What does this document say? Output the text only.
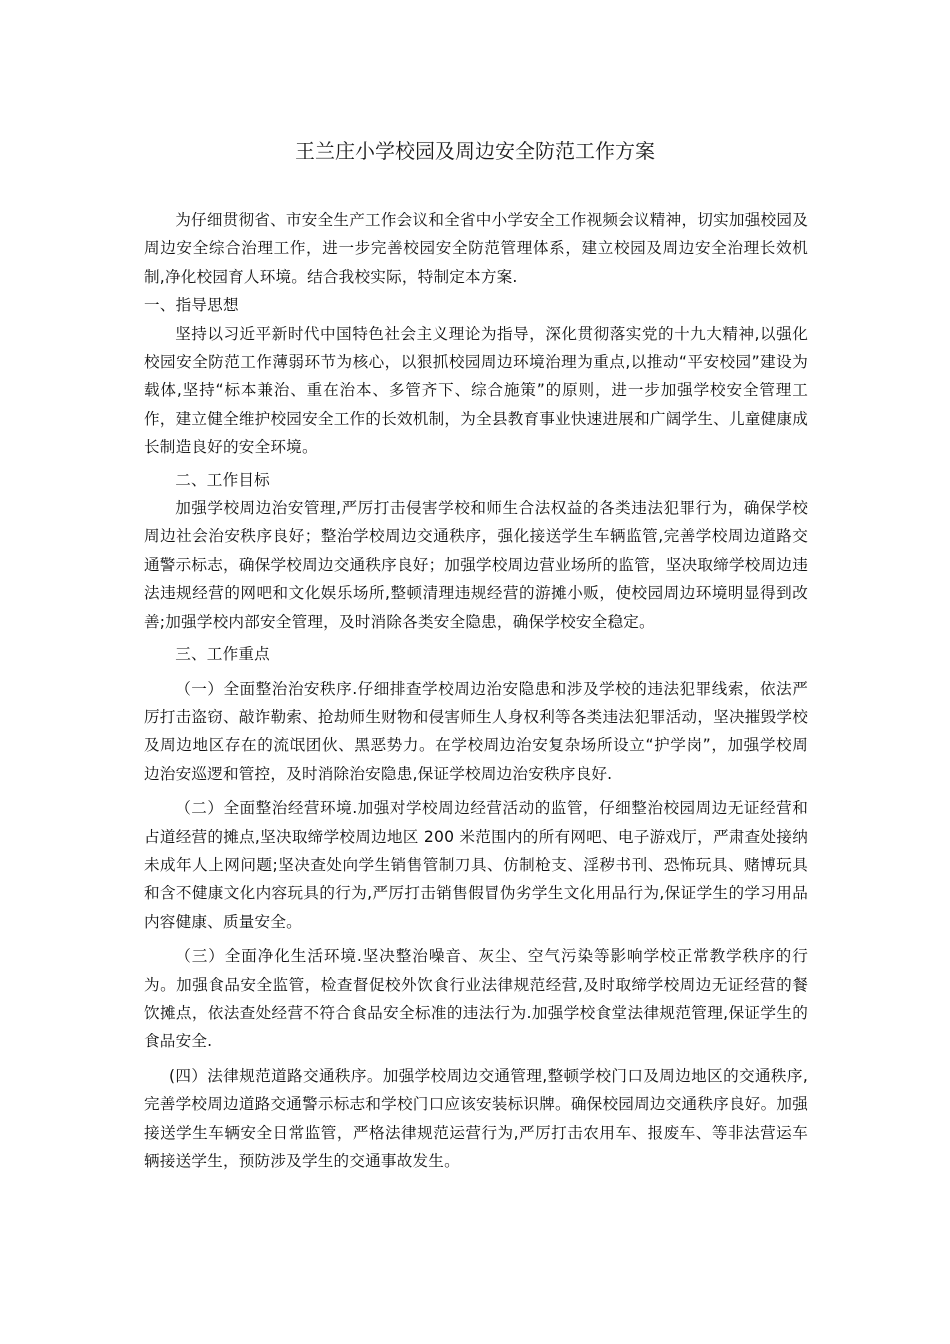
王兰庄小学校园及周边安全防范工作方案

为仔细贯彻省、市安全生产工作会议和全省中小学安全工作视频会议精神，切实加强校园及周边安全综合治理工作，进一步完善校园安全防范管理体系，建立校园及周边安全治理长效机制,净化校园育人环境。结合我校实际，特制定本方案.

一、指导思想

坚持以习近平新时代中国特色社会主义理论为指导，深化贯彻落实党的十九大精神,以强化校园安全防范工作薄弱环节为核心，以狠抓校园周边环境治理为重点,以推动“平安校园”建设为载体,坚持“标本兼治、重在治本、多管齐下、综合施策”的原则，进一步加强学校安全管理工作，建立健全维护校园安全工作的长效机制，为全县教育事业快速进展和广阔学生、儿童健康成长制造良好的安全环境。

二、工作目标

加强学校周边治安管理,严厉打击侵害学校和师生合法权益的各类违法犯罪行为，确保学校周边社会治安秩序良好；整治学校周边交通秩序，强化接送学生车辆监管,完善学校周边道路交通警示标志，确保学校周边交通秩序良好；加强学校周边营业场所的监管，坚决取缔学校周边违法违规经营的网吧和文化娱乐场所,整顿清理违规经营的游摊小贩，使校园周边环境明显得到改善;加强学校内部安全管理，及时消除各类安全隐患，确保学校安全稳定。

三、工作重点

（一）全面整治治安秩序.仔细排查学校周边治安隐患和涉及学校的违法犯罪线索，依法严厉打击盗窃、敲诈勒索、抢劫师生财物和侵害师生人身权利等各类违法犯罪活动，坚决摧毁学校及周边地区存在的流氓团伙、黑恶势力。在学校周边治安复杂场所设立“护学岗”，加强学校周边治安巡逻和管控，及时消除治安隐患,保证学校周边治安秩序良好.

（二）全面整治经营环境.加强对学校周边经营活动的监管，仔细整治校园周边无证经营和占道经营的摊点,坚决取缔学校周边地区 200 米范围内的所有网吧、电子游戏厅，严肃查处接纳未成年人上网问题;坚决查处向学生销售管制刀具、仿制枪支、淫秽书刊、恐怖玩具、赌博玩具和含不健康文化内容玩具的行为,严厉打击销售假冒伪劣学生文化用品行为,保证学生的学习用品内容健康、质量安全。

（三）全面净化生活环境.坚决整治噪音、灰尘、空气污染等影响学校正常教学秩序的行为。加强食品安全监管，检查督促校外饮食行业法律规范经营,及时取缔学校周边无证经营的餐饮摊点，依法查处经营不符合食品安全标准的违法行为.加强学校食堂法律规范管理,保证学生的食品安全.

(四）法律规范道路交通秩序。加强学校周边交通管理,整顿学校门口及周边地区的交通秩序,完善学校周边道路交通警示标志和学校门口应该安装标识牌。确保校园周边交通秩序良好。加强接送学生车辆安全日常监管，严格法律规范运营行为,严厉打击农用车、报废车、等非法营运车辆接送学生，预防涉及学生的交通事故发生。
